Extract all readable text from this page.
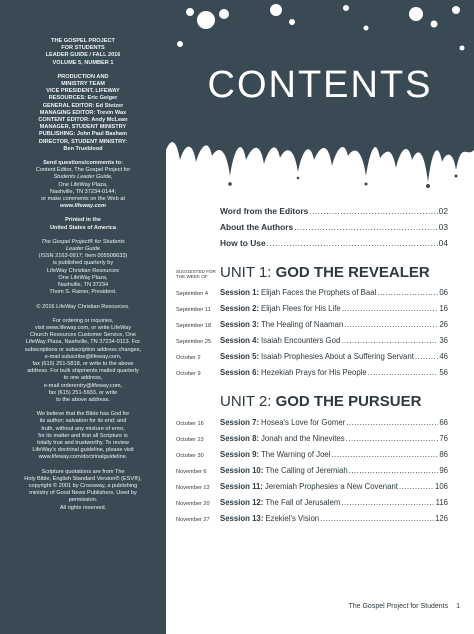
THE GOSPEL PROJECT
FOR STUDENTS
LEADER GUIDE / FALL 2016
VOLUME 5, NUMBER 1
PRODUCTION AND
MINISTRY TEAM
VICE PRESIDENT, LIFEWAY
RESOURCES: Eric Geiger
GENERAL EDITOR: Ed Stetzer
MANAGING EDITOR: Trevin Wax
CONTENT EDITOR: Andy McLean
MANAGER, STUDENT MINISTRY
PUBLISHING: John Paul Basham
DIRECTOR, STUDENT MINISTRY:
Ben Trueblood
Send questions/comments to:
Content Editor, The Gospel Project for
Students Leader Guide,
One LifeWay Plaza,
Nashville, TN 37234-0144;
or make comments on the Web at
www.lifeway.com
Printed in the
United States of America
The Gospel Project® for Students
Leader Guide
(ISSN 2163-0917; Item 005508633)
is published quarterly by
LifeWay Christian Resources
One LifeWay Plaza,
Nashville, TN 37234
Thom S. Rainer, President.
© 2016 LifeWay Christian Resources.
For ordering or inquiries,
visit www.lifeway.com, or write LifeWay
Church Resources Customer Service, One
LifeWay Plaza, Nashville, TN 37234-0113. For
subscriptions or subscription address changes,
e-mail subscribe@lifeway.com,
fax (615) 251-5818, or write to the above
address. For bulk shipments mailed quarterly
to one address,
e-mail orderentry@lifeway.com,
fax (615) 251-5933, or write
to the above address.
We believe that the Bible has God for
its author; salvation for its end; and
truth, without any mixture of error,
for its matter and that all Scripture is
totally true and trustworthy. To review
LifeWay's doctrinal guideline, please visit
www.lifeway.com/doctrinalguideline.
Scripture quotations are from The
Holy Bible, English Standard Version® (ESV®),
copyright © 2001 by Crossway, a publishing
ministry of Good News Publishers. Used by
permission.
All rights reserved.
CONTENTS
Word from the Editors .....	02
About the Authors .....	03
How to Use .....	04
SUGGESTED FOR THE WEEK OF UNIT 1: GOD THE REVEALER
September 4	Session 1: Elijah Faces the Prophets of Baal .....	06
September 11	Session 2: Elijah Flees for His Life .....	16
September 18	Session 3: The Healing of Naaman .....	26
September 25	Session 4: Isaiah Encounters God .....	36
October 2	Session 5: Isaiah Prophesies About a Suffering Servant .....	46
October 9	Session 6: Hezekiah Prays for His People .....	56
UNIT 2: GOD THE PURSUER
October 16	Session 7: Hosea's Love for Gomer .....	66
October 23	Session 8: Jonah and the Ninevites .....	76
October 30	Session 9: The Warning of Joel .....	86
November 6	Session 10: The Calling of Jeremiah .....	96
November 13	Session 11: Jeremiah Prophesies a New Covenant .....	106
November 20	Session 12: The Fall of Jerusalem .....	116
November 27	Session 13: Ezekiel's Vision .....	126
The Gospel Project for Students 1
